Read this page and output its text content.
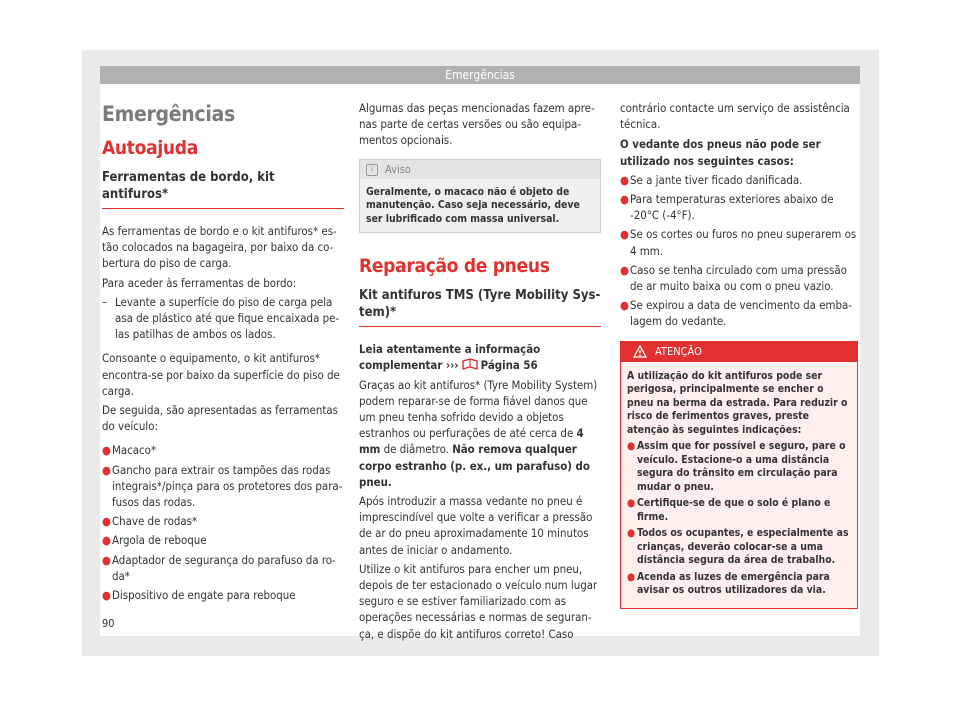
Emergências
Emergências
Autoajuda
Ferramentas de bordo, kit antifuros*

As ferramentas de bordo e o kit antifuros* estão colocados na bagageira, por baixo da cobertura do piso de carga.

Para aceder às ferramentas de bordo:

– Levante a superfície do piso de carga pela asa de plástico até que fique encaixada pelas patilhas de ambos os lados.

Consoante o equipamento, o kit antifuros* encontra-se por baixo da superfície do piso de carga.

De seguida, são apresentadas as ferramentas do veículo:

● Macaco*
● Gancho para extrair os tampões das rodas integrais*/pinça para os protetores dos parafusos das rodas.
● Chave de rodas*
● Argola de reboque
● Adaptador de segurança do parafuso da roda*
● Dispositivo de engate para reboque

Algumas das peças mencionadas fazem aprenas parte de certas versões ou são equipamentos opcionais.

i Aviso
Geralmente, o macaco não é objeto de manutenção. Caso seja necessário, deve ser lubrificado com massa universal.
Reparação de pneus
Kit antifuros TMS (Tyre Mobility System)*

Leia atentamente a informação complementar ››› Página 56

Graças ao kit antifuros* (Tyre Mobility System) podem reparar-se de forma fiável danos que um pneu tenha sofrido devido a objetos estranhos ou perfurações de até cerca de 4 mm de diâmetro. Não remova qualquer corpo estranho (p. ex., um parafuso) do pneu.

Após introduzir a massa vedante no pneu é imprescindível que volte a verificar a pressão de ar do pneu aproximadamente 10 minutos antes de iniciar o andamento.

Utilize o kit antifuros para encher um pneu, depois de ter estacionado o veículo num lugar seguro e se estiver familiarizado com as operações necessárias e normas de segurança, e dispõe do kit antifuros correto! Caso

contrário contacte um serviço de assistência técnica.

O vedante dos pneus não pode ser utilizado nos seguintes casos:

● Se a jante tiver ficado danificada.
● Para temperaturas exteriores abaixo de -20°C (-4°F).
● Se os cortes ou furos no pneu superarem os 4 mm.
● Caso se tenha circulado com uma pressão de ar muito baixa ou com o pneu vazio.
● Se expirou a data de vencimento da embalagem do vedante.
ATENÇÃO

A utilização do kit antifuros pode ser perigosa, principalmente se encher o pneu na berma da estrada. Para reduzir o risco de ferimentos graves, preste atenção às seguintes indicações:

● Assim que for possível e seguro, pare o veículo. Estacione-o a uma distância segura do trânsito em circulação para mudar o pneu.
● Certifique-se de que o solo é plano e firme.
● Todos os ocupantes, e especialmente as crianças, deverão colocar-se a uma distância segura da área de trabalho.
● Acenda as luzes de emergência para avisar os outros utilizadores da via.
90
